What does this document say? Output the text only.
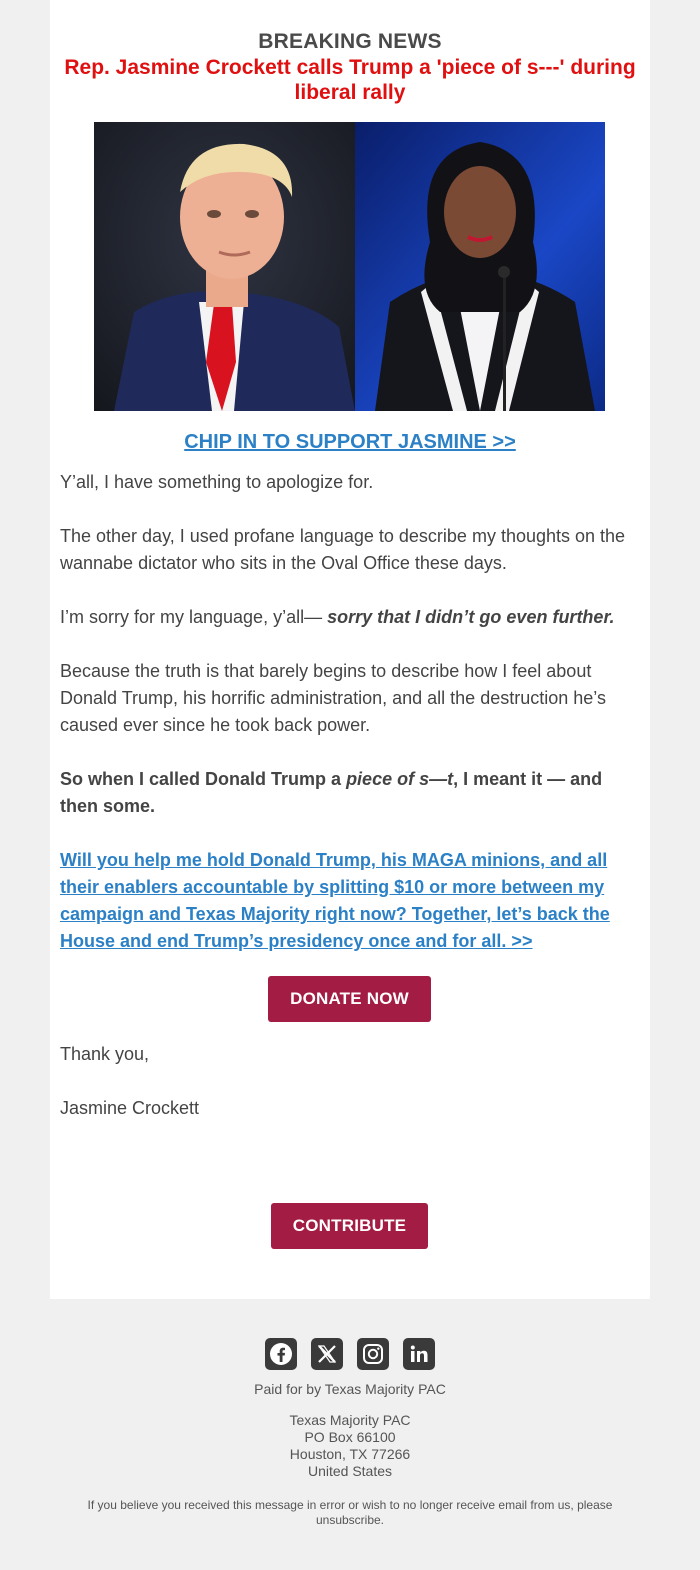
BREAKING NEWS
Rep. Jasmine Crockett calls Trump a 'piece of s---' during liberal rally
CHIP IN TO SUPPORT JASMINE >>
Y’all, I have something to apologize for.
The other day, I used profane language to describe my thoughts on the wannabe dictator who sits in the Oval Office these days.
I’m sorry for my language, y’all— sorry that I didn’t go even further.
Because the truth is that barely begins to describe how I feel about Donald Trump, his horrific administration, and all the destruction he’s caused ever since he took back power.
So when I called Donald Trump a piece of s—t, I meant it — and then some.
Will you help me hold Donald Trump, his MAGA minions, and all their enablers accountable by splitting $10 or more between my campaign and Texas Majority right now? Together, let’s back the House and end Trump’s presidency once and for all. >>
DONATE NOW
Thank you,
Jasmine Crockett
CONTRIBUTE
Paid for by Texas Majority PAC
Texas Majority PAC
PO Box 66100
Houston, TX 77266
United States
If you believe you received this message in error or wish to no longer receive email from us, please unsubscribe.
